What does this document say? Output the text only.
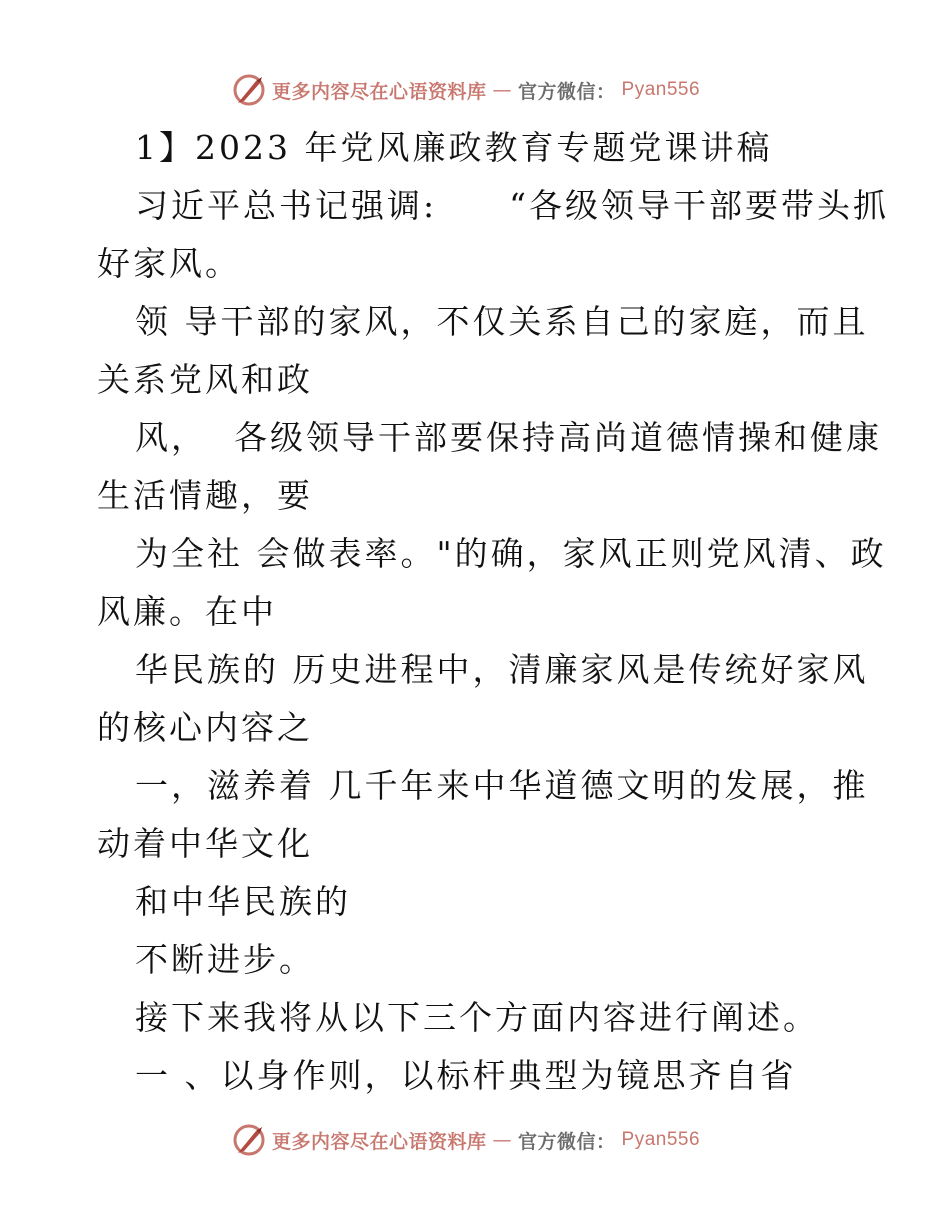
更多内容尽在心语资料库 — 官方微信： Pyan556
1】2023 年党风廉政教育专题党课讲稿
习近平总书记强调:　　“各级领导干部要带头抓
好家风。
领 导干部的家风，不仅关系自己的家庭，而且
关系党风和政
风，  各级领导干部要保持高尚道德情操和健康
生活情趣，要
为全社 会做表率。"的确，家风正则党风清、政
风廉。在中
华民族的 历史进程中，清廉家风是传统好家风
的核心内容之
一，滋养着 几千年来中华道德文明的发展，推
动着中华文化
和中华民族的
不断进步。
接下来我将从以下三个方面内容进行阐述。
一 、以身作则，以标杆典型为镜思齐自省
更多内容尽在心语资料库 — 官方微信： Pyan556
